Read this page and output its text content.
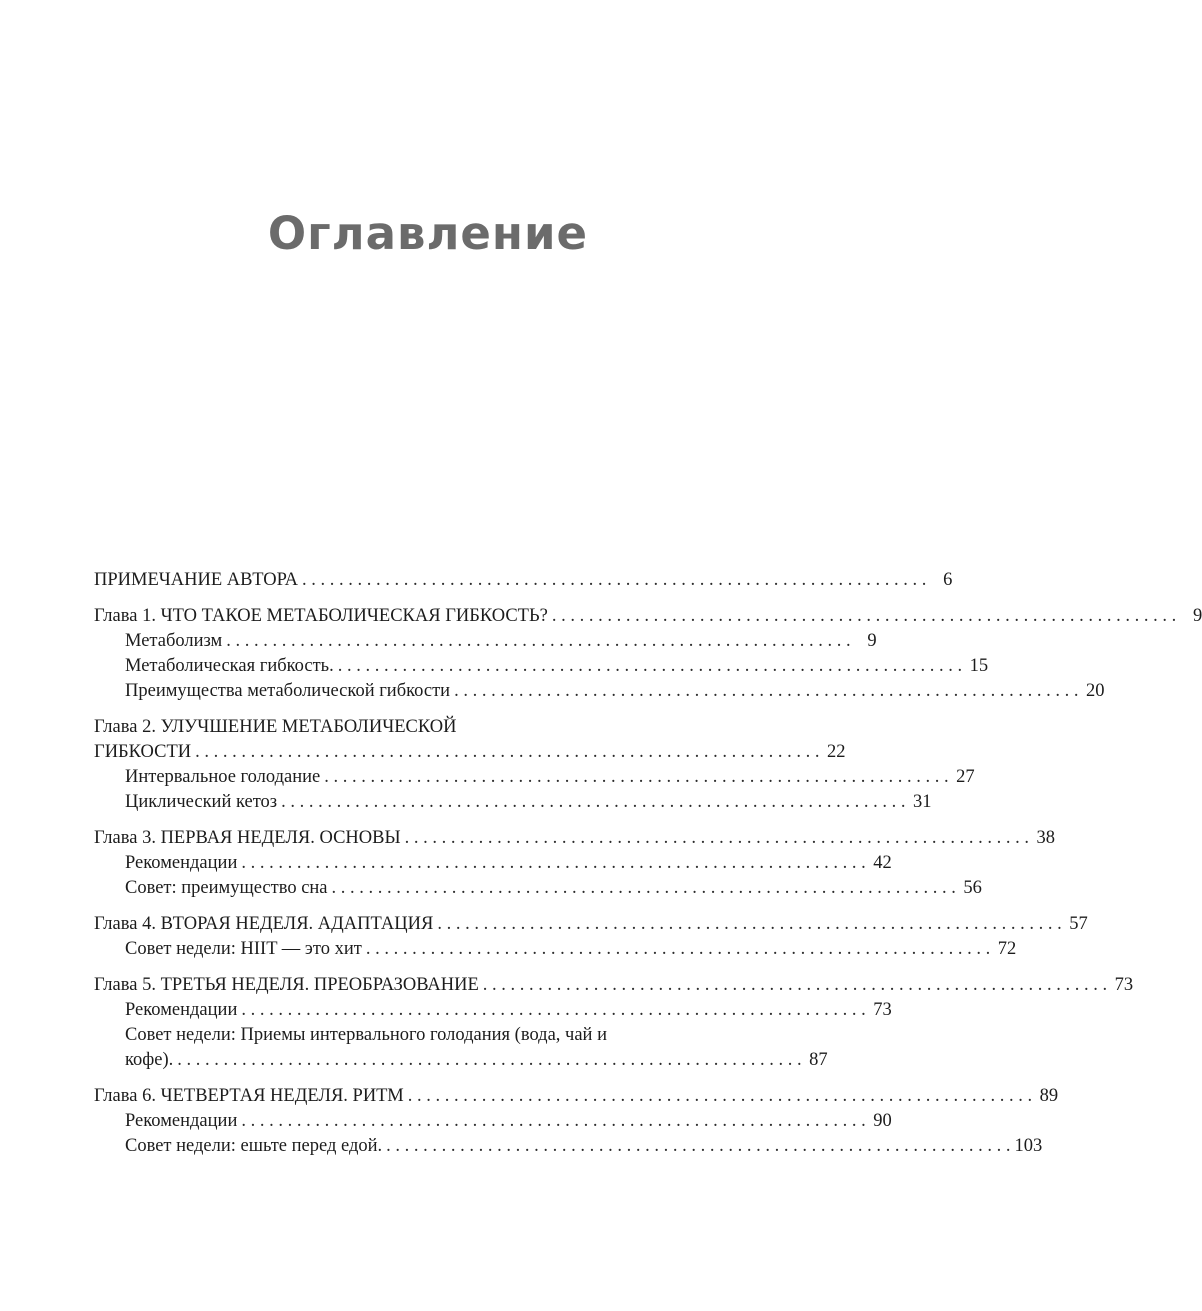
Оглавление
ПРИМЕЧАНИЕ АВТОРА . . .	6
Глава 1. ЧТО ТАКОЕ МЕТАБОЛИЧЕСКАЯ ГИБКОСТЬ? . . .	9
Метаболизм . . .	9
Метаболическая гибкость. . . .	15
Преимущества метаболической гибкости . . .	20
Глава 2. УЛУЧШЕНИЕ МЕТАБОЛИЧЕСКОЙ
ГИБКОСТИ . . .	22
Интервальное голодание . . .	27
Циклический кетоз . . .	31
Глава 3. ПЕРВАЯ НЕДЕЛЯ. ОСНОВЫ . . .	38
Рекомендации . . .	42
Совет: преимущество сна . . .	56
Глава 4. ВТОРАЯ НЕДЕЛЯ. АДАПТАЦИЯ . . .	57
Совет недели: HIIT — это хит . . .	72
Глава 5. ТРЕТЬЯ НЕДЕЛЯ. ПРЕОБРАЗОВАНИЕ . . .	73
Рекомендации . . .	73
Совет недели: Приемы интервального голодания (вода, чай и
кофе). . . .	87
Глава 6. ЧЕТВЕРТАЯ НЕДЕЛЯ. РИТМ . . .	89
Рекомендации . . .	90
Совет недели: ешьте перед едой. . . .	103
